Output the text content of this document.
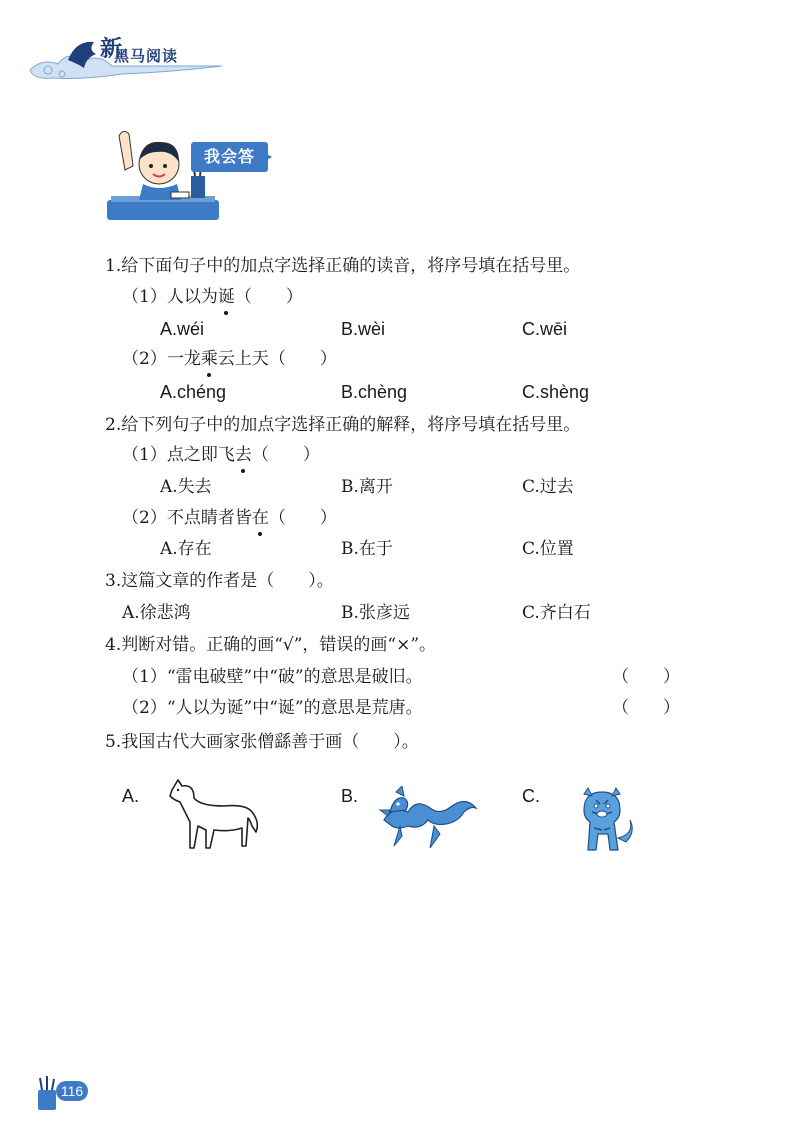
新
黑马阅读
我会答
1.给下面句子中的加点字选择正确的读音，将序号填在括号里。
（1）人以为诞（　　）
A.wéi	B.wèi	C.wēi
（2）一龙乘云上天（　　）
A.chéng	B.chèng	C.shèng
2.给下列句子中的加点字选择正确的解释，将序号填在括号里。
（1）点之即飞去（　　）
A.失去	B.离开	C.过去
（2）不点睛者皆在（　　）
A.存在	B.在于	C.位置
3.这篇文章的作者是（　　）。
A.徐悲鸿	B.张彦远	C.齐白石
4.判断对错。正确的画“√”，错误的画“×”。
（1）“雷电破壁”中“破”的意思是破旧。	（　　）
（2）“人以为诞”中“诞”的意思是荒唐。	（　　）
5.我国古代大画家张僧繇善于画（　　）。
A.	B.	C.
116
